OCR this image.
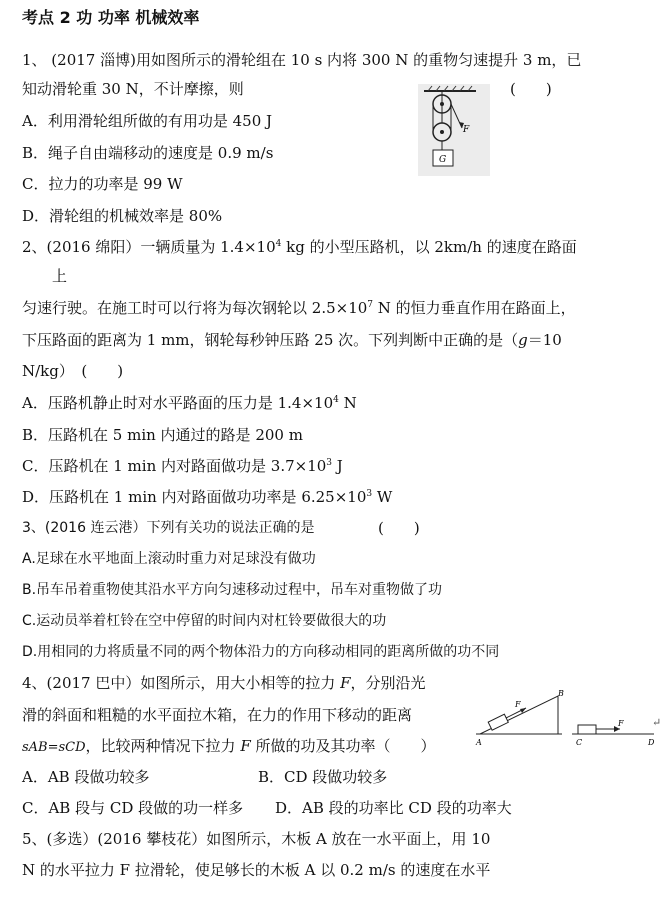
考点 2 功 功率 机械效率
1、 (2017 淄博)用如图所示的滑轮组在 10 s 内将 300 N 的重物匀速提升 3 m，已
知动滑轮重 30 N，不计摩擦，则	(　　)
A．利用滑轮组所做的有用功是 450 J
B．绳子自由端移动的速度是 0.9 m/s
C．拉力的功率是 99 W
D．滑轮组的机械效率是 80%
F
G
2、(2016 绵阳）一辆质量为 $1.4\times 10^4$ kg 的小型压路机，以 2km/h 的速度在路面
上
匀速行驶。在施工时可以行将为每次钢轮以 $2.5\times 10^7$ N 的恒力垂直作用在路面上，
下压路面的距离为 1 mm，钢轮每秒钟压路 25 次。下列判断中正确的是（g＝10
N/kg）　(　　)
A．压路机静止时对水平路面的压力是 $1.4\times 10^4$ N
B．压路机在 5 min 内通过的路是 200 m
C．压路机在 1 min 内对路面做功是 $3.7\times 10^3$ J
D．压路机在 1 min 内对路面做功功率是 $6.25\times 10^3$ W
3、(2016 连云港）下列有关功的说法正确的是	(　　)
A.足球在水平地面上滚动时重力对足球没有做功
B.吊车吊着重物使其沿水平方向匀速移动过程中，吊车对重物做了功
C.运动员举着杠铃在空中停留的时间内对杠铃要做很大的功
D.用相同的力将质量不同的两个物体沿力的方向移动相同的距离所做的功不同
4、(2017 巴中）如图所示，用大小相等的拉力 F，分别沿光
滑的斜面和粗糙的水平面拉木箱，在力的作用下移动的距离
sAB=sCD，比较两种情况下拉力 F 所做的功及其功率（　　）
A．AB 段做功较多	B．CD 段做功较多
C．AB 段与 CD 段做的功一样多 D．AB 段的功率比 CD 段的功率大
F
A
B
F
C	D
↵
5、(多选）(2016 攀枝花）如图所示，木板 A 放在一水平面上，用 10
N 的水平拉力 F 拉滑轮，使足够长的木板 A 以 0.2 m/s 的速度在水平
